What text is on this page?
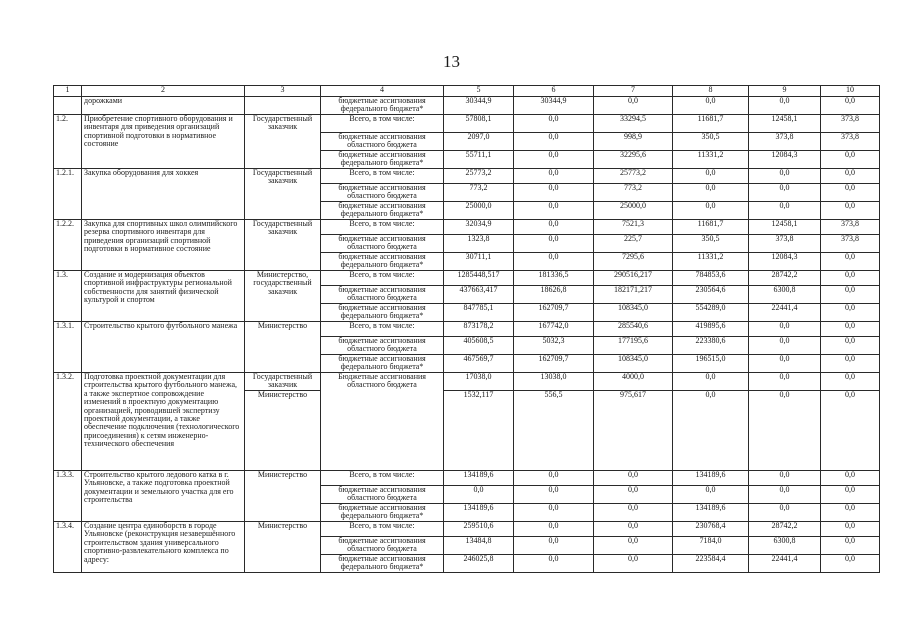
13
1	2	3	4	5	6	7	8	9	10
	дорожками		бюджетные ассигнования федерального бюджета*	30344,9	30344,9	0,0	0,0	0,0	0,0
1.2.	Приобретение спортивного оборудования и инвентаря для приведения организаций спортивной подготовки в нормативное состояние	Государственный заказчик	Всего, в том числе:	57808,1	0,0	33294,5	11681,7	12458,1	373,8
			бюджетные ассигнования областного бюджета	2097,0	0,0	998,9	350,5	373,8	373,8
			бюджетные ассигнования федерального бюджета*	55711,1	0,0	32295,6	11331,2	12084,3	0,0
1.2.1.	Закупка оборудования для хоккея	Государственный заказчик	Всего, в том числе:	25773,2	0,0	25773,2	0,0	0,0	0,0
			бюджетные ассигнования областного бюджета	773,2	0,0	773,2	0,0	0,0	0,0
			бюджетные ассигнования федерального бюджета*	25000,0	0,0	25000,0	0,0	0,0	0,0
1.2.2.	Закупка для спортивных школ олимпийского резерва спортивного инвентаря для приведения организаций спортивной подготовки в нормативное состояние	Государственный заказчик	Всего, в том числе:	32034,9	0,0	7521,3	11681,7	12458,1	373,8
			бюджетные ассигнования областного бюджета	1323,8	0,0	225,7	350,5	373,8	373,8
			бюджетные ассигнования федерального бюджета*	30711,1	0,0	7295,6	11331,2	12084,3	0,0
1.3.	Создание и модернизация объектов спортивной инфраструктуры региональной собственности для занятий физической культурой и спортом	Министерство, государственный заказчик	Всего, в том числе:	1285448,517	181336,5	290516,217	784853,6	28742,2	0,0
			бюджетные ассигнования областного бюджета	437663,417	18626,8	182171,217	230564,6	6300,8	0,0
			бюджетные ассигнования федерального бюджета*	847785,1	162709,7	108345,0	554289,0	22441,4	0,0
1.3.1.	Строительство крытого футбольного манежа	Министерство	Всего, в том числе:	873178,2	167742,0	285540,6	419895,6	0,0	0,0
			бюджетные ассигнования областного бюджета	405608,5	5032,3	177195,6	223380,6	0,0	0,0
			бюджетные ассигнования федерального бюджета*	467569,7	162709,7	108345,0	196515,0	0,0	0,0
1.3.2.	Подготовка проектной документации для строительства крытого футбольного манежа, а также экспертное сопровождение изменений в проектную документацию организацией, проводившей экспертизу проектной документации, а также обеспечение подключения (технологического присоединения) к сетям инженерно-технического обеспечения	Государственный заказчик	Бюджетные ассигнования областного бюджета	17038,0	13038,0	4000,0	0,0	0,0	0,0
		Министерство		1532,117	556,5	975,617	0,0	0,0	0,0
1.3.3.	Строительство крытого ледового катка в г. Ульяновске, а также подготовка проектной документации и земельного участка для его строительства	Министерство	Всего, в том числе:	134189,6	0,0	0,0	134189,6	0,0	0,0
			бюджетные ассигнования областного бюджета	0,0	0,0	0,0	0,0	0,0	0,0
			бюджетные ассигнования федерального бюджета*	134189,6	0,0	0,0	134189,6	0,0	0,0
1.3.4.	Создание центра единоборств в городе Ульяновске (реконструкция незавершённого строительством здания универсального спортивно-развлекательного комплекса по адресу:	Министерство	Всего, в том числе:	259510,6	0,0	0,0	230768,4	28742,2	0,0
			бюджетные ассигнования областного бюджета	13484,8	0,0	0,0	7184,0	6300,8	0,0
			бюджетные ассигнования федерального бюджета*	246025,8	0,0	0,0	223584,4	22441,4	0,0
